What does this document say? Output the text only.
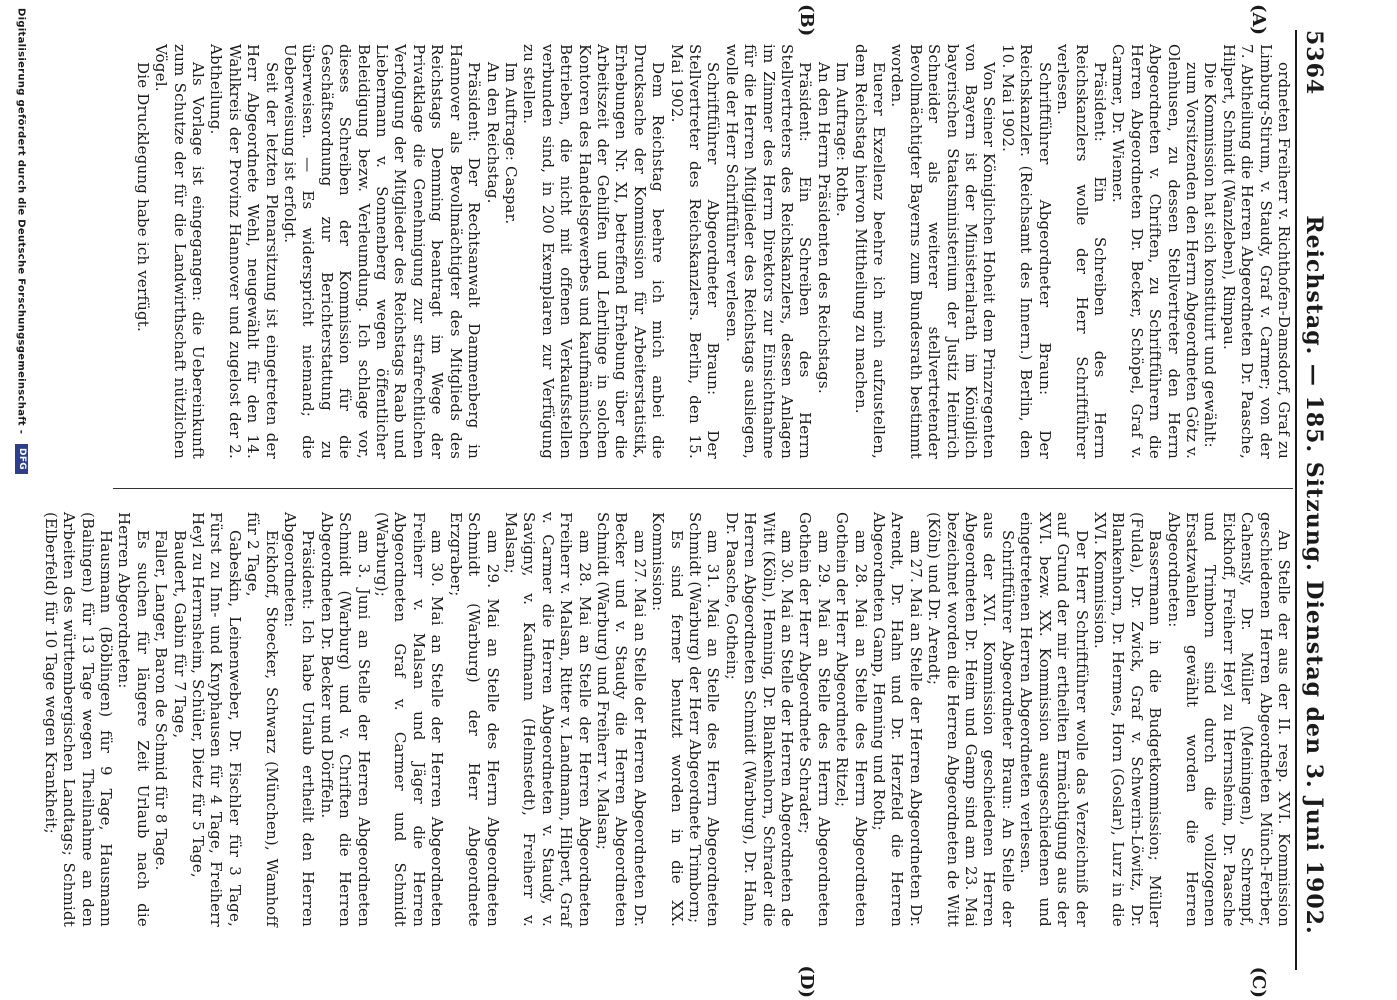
5364
Reichstag. — 185. Sitzung. Dienstag den 3. Juni 1902.
(A)
(B)
(C)
(D)

ordneten Freiherr v. Richthofen-Damsdorf, Graf zu Limburg-Stirum, v. Staudy, Graf v. Carmer; von der 7. Abtheilung die Herren Abgeordneten Dr. Paasche, Hilpert, Schmidt (Wanzleben), Rimpau.

Die Kommission hat sich konstituirt und gewählt:

zum Vorsitzenden den Herrn Abgeordneten Götz v. Olenhusen, zu dessen Stellvertreter den Herrn Abgeordneten v. Chriften, zu Schriftführern die Herren Abgeordneten Dr. Becker, Schöpel, Graf v. Carmer, Dr. Wiemer.

Präsident: Ein Schreiben des Herrn Reichskanzlers wolle der Herr Schriftführer verlesen.

Schriftführer Abgeordneter Braun: Der Reichskanzler. (Reichsamt des Innern.) Berlin, den 10. Mai 1902.

Von Seiner Königlichen Hoheit dem Prinzregenten von Bayern ist der Ministerialrath im Königlich bayerischen Staatsministerium der Justiz Heinrich Schneider als weiterer stellvertretender Bevollmächtigter Bayerns zum Bundesrath bestimmt worden.

Euerer Exzellenz beehre ich mich aufzustellen, dem Reichstag hiervon Mittheilung zu machen.

Im Auftrage: Rothe.

An den Herrn Präsidenten des Reichstags.

Präsident: Ein Schreiben des Herrn Stellvertreters des Reichskanzlers, dessen Anlagen im Zimmer des Herrn Direktors zur Einsichtnahme für die Herren Mitglieder des Reichstags ausliegen, wolle der Herr Schriftführer verlesen.

Schriftführer Abgeordneter Braun: Der Stellvertreter des Reichskanzlers. Berlin, den 15. Mai 1902.

Dem Reichstag beehre ich mich anbei die Drucksache der Kommission für Arbeiterstatistik, Erhebungen Nr. XI, betreffend Erhebung über die Arbeitszeit der Gehilfen und Lehrlinge in solchen Kontoren des Handelsgewerbes und kaufmännischen Betrieben, die nicht mit offenen Verkaufsstellen verbunden sind, in 200 Exemplaren zur Verfügung zu stellen.

Im Auftrage: Caspar.

An den Reichstag.

Präsident: Der Rechtsanwalt Dammenberg in Hannover als Bevollmächtigter des Mitglieds des Reichstags Demming beantragt im Wege der Privatklage die Genehmigung zur strafrechtlichen Verfolgung der Mitglieder des Reichstags Raab und Liebermann v. Sonnenberg wegen öffentlicher Beleidigung bezw. Verleumdung. Ich schlage vor, dieses Schreiben der Kommission für die Geschäftsordnung zur Berichterstattung zu überweisen. — Es widerspricht niemand; die Ueberweisung ist erfolgt.

Seit der letzten Plenarsitzung ist eingetreten der Herr Abgeordnete Wehl, neugewählt für den 14. Wahlkreis der Provinz Hannover und zugelost der 2. Abtheilung.

Als Vorlage ist eingegangen: die Uebereinkunft zum Schutze der für die Landwirthschaft nützlichen Vögel.

Die Drucklegung habe ich verfügt.

An Stelle der aus der II. resp. XVI. Kommission geschiedenen Herren Abgeordneten Münch-Ferber, Cahensly, Dr. Müller (Meiningen), Schrempf, Eickhoff, Freiherr Heyl zu Herrnsheim, Dr. Paasche und Trimborn sind durch die vollzogenen Ersatzwahlen gewählt worden die Herren Abgeordneten:

Bassermann in die Budgetkommission; Müller (Fulda), Dr. Zwick, Graf v. Schwerin-Löwitz, Dr. Blankenhorn, Dr. Hermes, Horn (Goslar), Lurz in die XVI. Kommission.

Der Herr Schriftführer wolle das Verzeichniß der auf Grund der mir ertheilten Ermächtigung aus der XVI. bezw. XX. Kommission ausgeschiedenen und eingetretenen Herren Abgeordneten verlesen.

Schriftführer Abgeordneter Braun: An Stelle der aus der XVI. Kommission geschiedenen Herren Abgeordneten Dr. Heim und Gamp sind am 23. Mai bezeichnet worden die Herren Abgeordneten de Witt (Köln) und Dr. Arendt;

am 27. Mai an Stelle der Herren Abgeordneten Dr. Arendt, Dr. Hahn und Dr. Herzfeld die Herren Abgeordneten Gamp, Henning und Roth;

am 28. Mai an Stelle des Herrn Abgeordneten Gothein der Herr Abgeordnete Ritzel;

am 29. Mai an Stelle des Herrn Abgeordneten Gothein der Herr Abgeordnete Schrader;

am 30. Mai an Stelle der Herren Abgeordneten de Witt (Köln), Henning, Dr. Blankenhorn, Schrader die Herren Abgeordneten Schmidt (Warburg), Dr. Hahn, Dr. Paasche, Gothein;

am 31. Mai an Stelle des Herrn Abgeordneten Schmidt (Warburg) der Herr Abgeordnete Trimborn;

Es sind ferner benutzt worden in die XX. Kommission:

am 27. Mai an Stelle der Herren Abgeordneten Dr. Becker und v. Staudy die Herren Abgeordneten Schmidt (Warburg) und Freiherr v. Malsan;

am 28. Mai an Stelle der Herren Abgeordneten Freiherr v. Malsan, Ritter v. Landmann, Hilpert, Graf v. Carmer die Herren Abgeordneten v. Staudy, v. Savigny, v. Kaufmann (Helmstedt), Freiherr v. Malsan;

am 29. Mai an Stelle des Herrn Abgeordneten Schmidt (Warburg) der Herr Abgeordnete Erzgraber;

am 30. Mai an Stelle der Herren Abgeordneten Freiherr v. Malsan und Jäger die Herren Abgeordneten Graf v. Carmer und Schmidt (Warburg);

am 3. Juni an Stelle der Herren Abgeordneten Schmidt (Warburg) und v. Chriften die Herren Abgeordneten Dr. Becker und Dörffeln.

Präsident: Ich habe Urlaub ertheilt den Herren Abgeordneten:

Eickhoff, Stoecker, Schwarz (München), Wamhoff für 2 Tage,

Gabeskin, Leinenweber, Dr. Fischler für 3 Tage, Fürst zu Inn- und Knyphausen für 4 Tage, Freiherr Heyl zu Herrnsheim, Schüler, Dietz für 5 Tage,

Baudert, Gabin für 7 Tage,

Faller, Langer, Baron de Schmid für 8 Tage.

Es suchen für längere Zeit Urlaub nach die Herren Abgeordneten:

Hausmann (Böblingen) für 9 Tage, Hausmann (Balingen) für 13 Tage wegen Theilnahme an den Arbeiten des württembergischen Landtags; Schmidt (Elberfeld) für 10 Tage wegen Krankheit;

Digitalisierung gefördert durch die Deutsche Forschungsgemeinschaft - DFG
